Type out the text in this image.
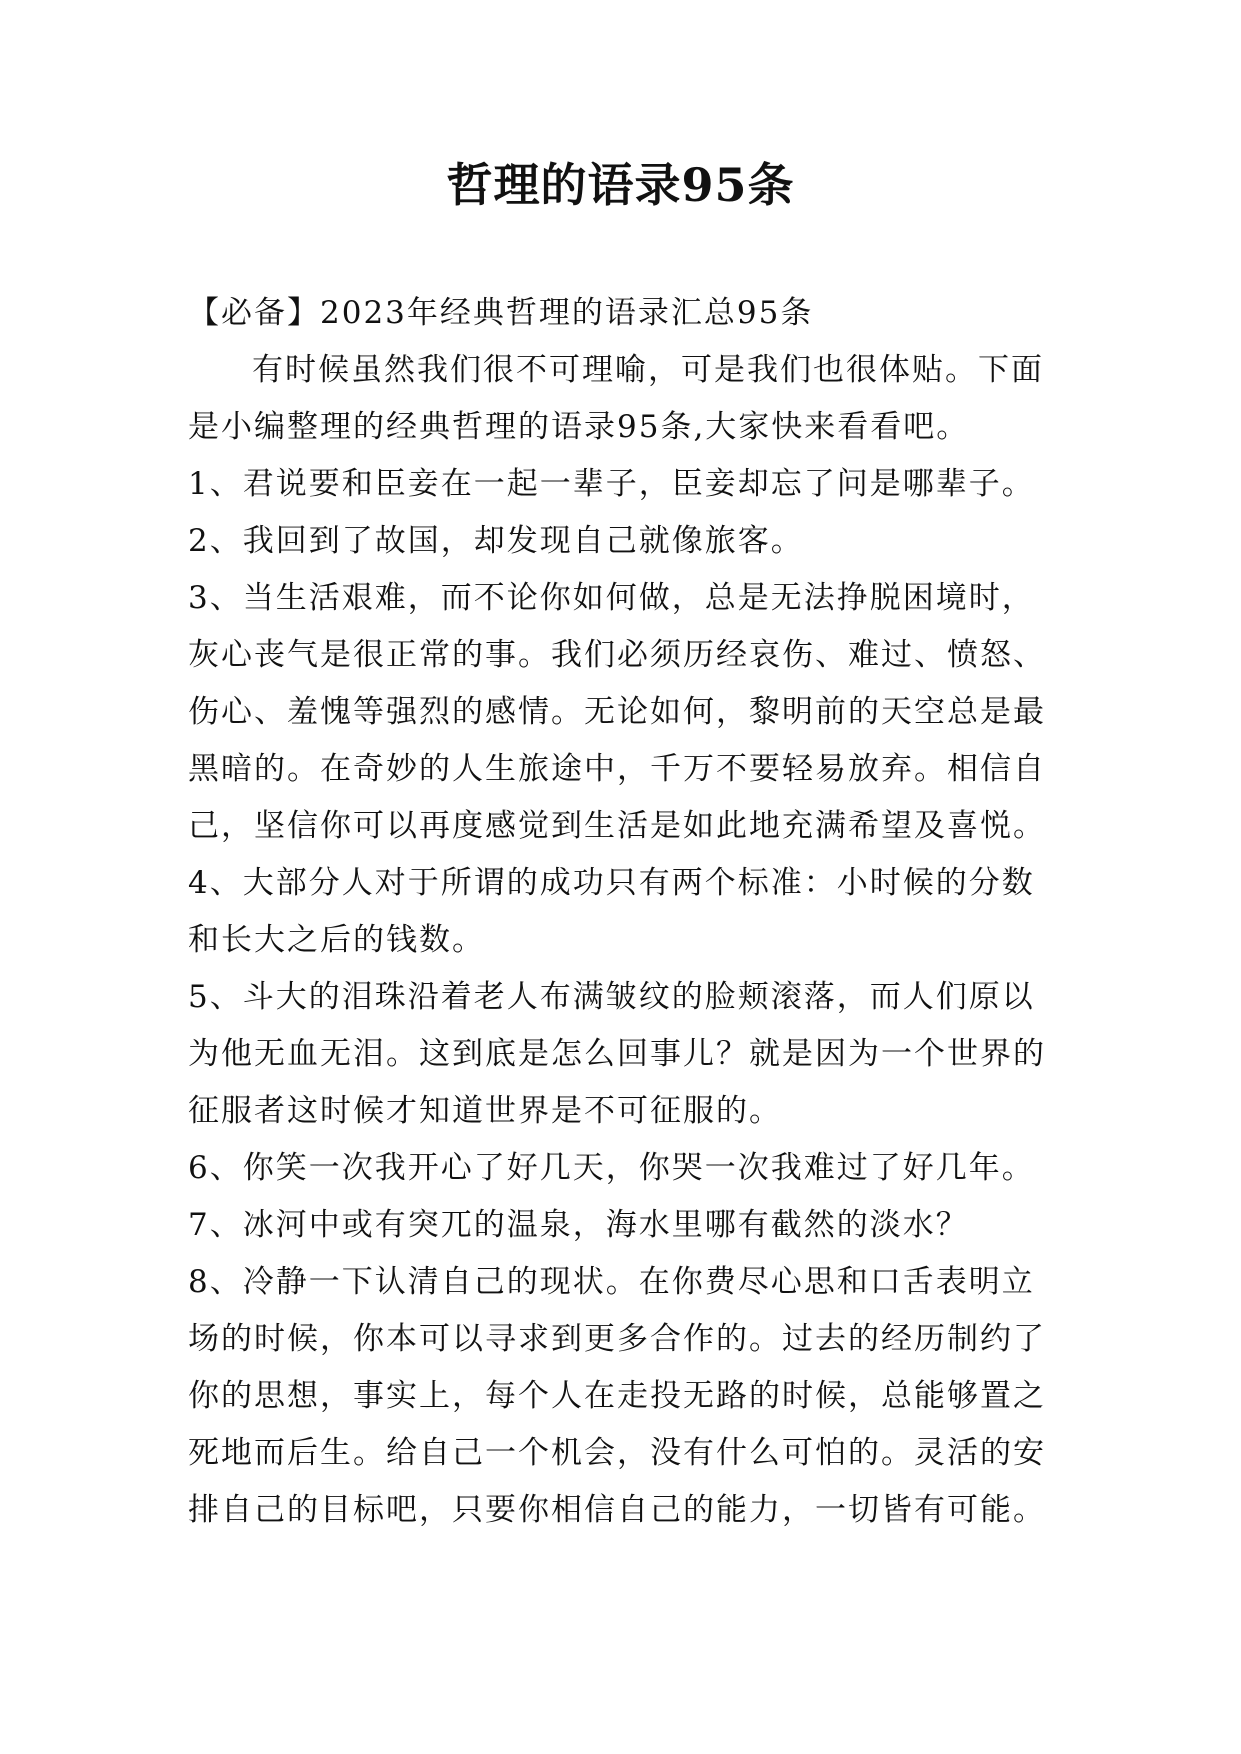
哲理的语录95条

【必备】2023年经典哲理的语录汇总95条

有时候虽然我们很不可理喻，可是我们也很体贴。下面
是小编整理的经典哲理的语录95条,大家快来看看吧。

1、君说要和臣妾在一起一辈子，臣妾却忘了问是哪辈子。

2、我回到了故国，却发现自己就像旅客。

3、当生活艰难，而不论你如何做，总是无法挣脱困境时，
灰心丧气是很正常的事。我们必须历经哀伤、难过、愤怒、
伤心、羞愧等强烈的感情。无论如何，黎明前的天空总是最
黑暗的。在奇妙的人生旅途中，千万不要轻易放弃。相信自
己，坚信你可以再度感觉到生活是如此地充满希望及喜悦。

4、大部分人对于所谓的成功只有两个标准：小时候的分数
和长大之后的钱数。

5、斗大的泪珠沿着老人布满皱纹的脸颊滚落，而人们原以
为他无血无泪。这到底是怎么回事儿？就是因为一个世界的
征服者这时候才知道世界是不可征服的。

6、你笑一次我开心了好几天，你哭一次我难过了好几年。

7、冰河中或有突兀的温泉，海水里哪有截然的淡水？

8、冷静一下认清自己的现状。在你费尽心思和口舌表明立
场的时候，你本可以寻求到更多合作的。过去的经历制约了
你的思想，事实上，每个人在走投无路的时候，总能够置之
死地而后生。给自己一个机会，没有什么可怕的。灵活的安
排自己的目标吧，只要你相信自己的能力，一切皆有可能。
